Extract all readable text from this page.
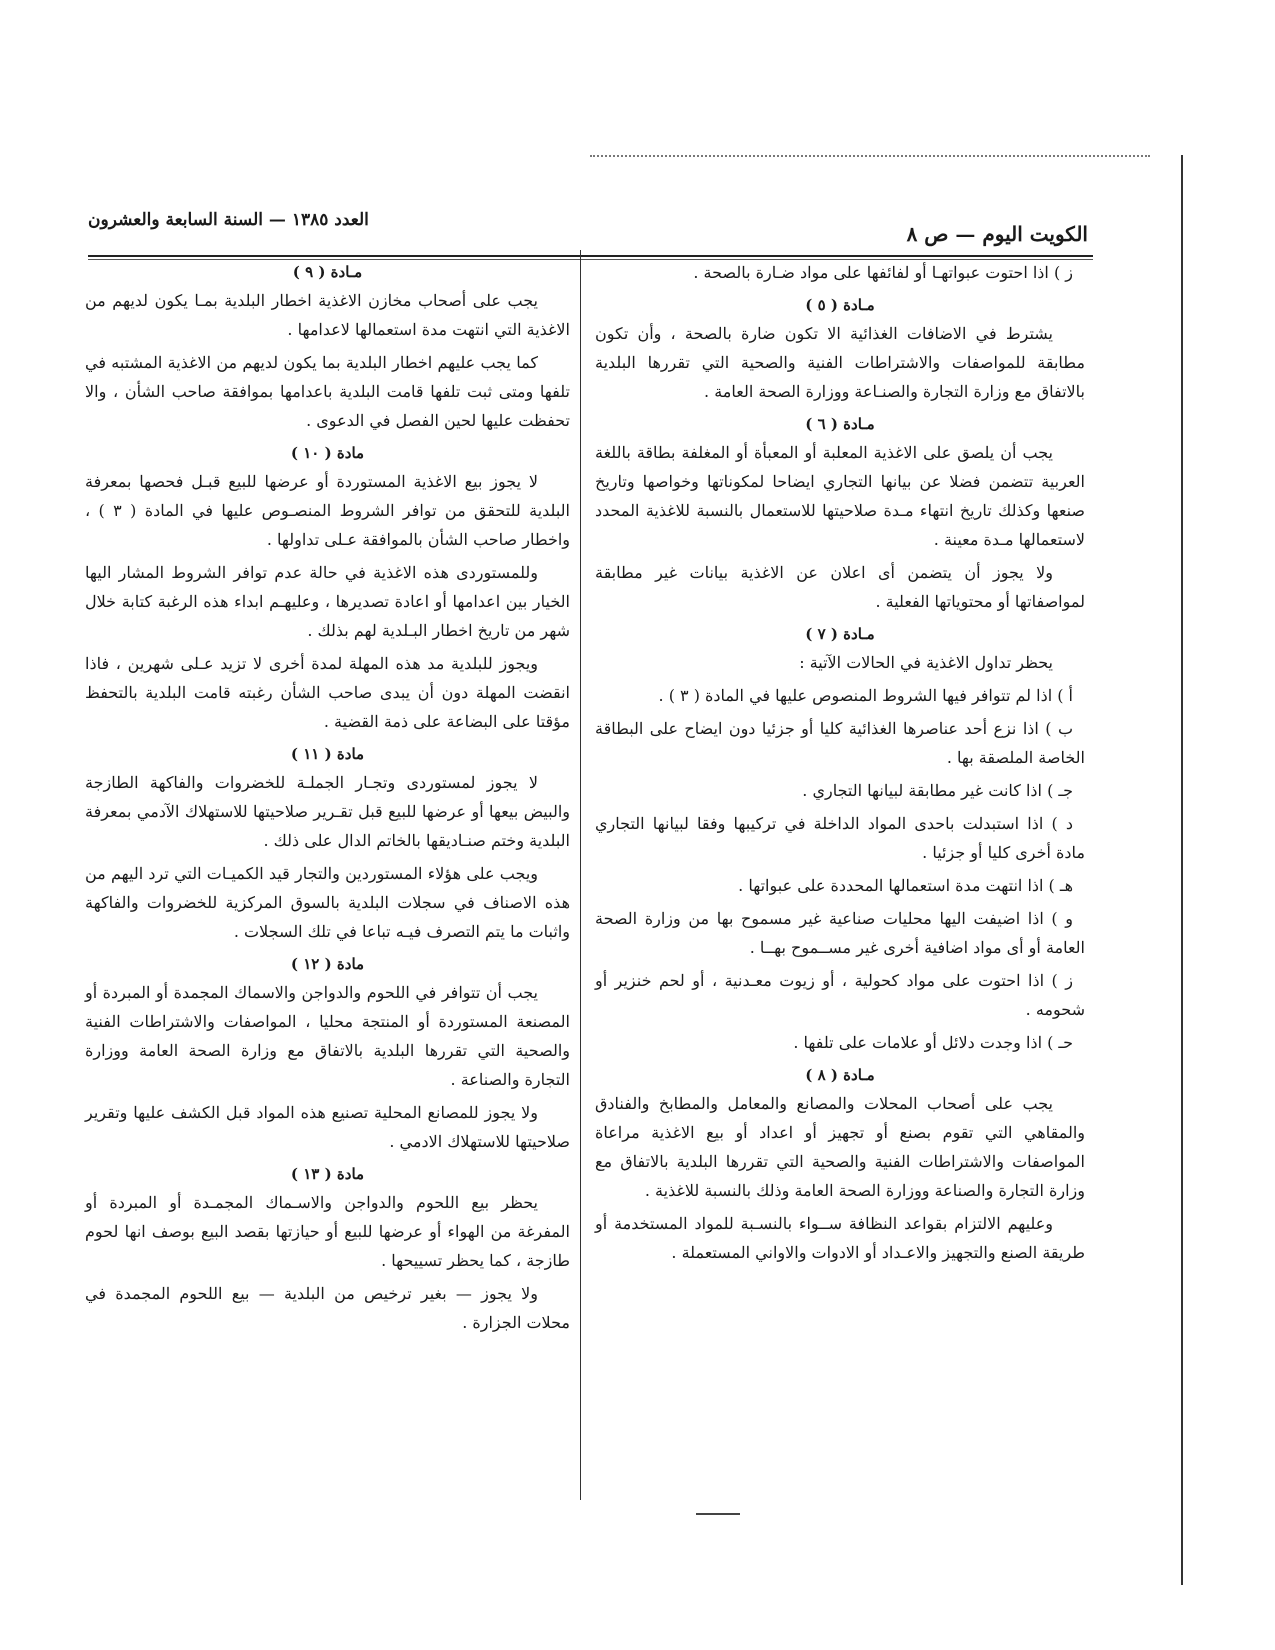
الكويت اليوم — ص ٨
العدد ١٣٨٥ — السنة السابعة والعشرون

ز ) اذا احتوت عبواتهـا أو لفائفها على مواد ضـارة بالصحة .

مـادة ( ٥ )

يشترط في الاضافات الغذائية الا تكون ضارة بالصحة ، وأن تكون مطابقة للمواصفات والاشتراطات الفنية والصحية التي تقررها البلدية بالاتفاق مع وزارة التجارة والصنـاعة ووزارة الصحة العامة .

مـادة ( ٦ )

يجب أن يلصق على الاغذية المعلبة أو المعبأة أو المغلفة بطاقة باللغة العربية تتضمن فضلا عن بيانها التجاري ايضاحا لمكوناتها وخواصها وتاريخ صنعها وكذلك تاريخ انتهاء مـدة صلاحيتها للاستعمال بالنسبة للاغذية المحدد لاستعمالها مـدة معينة .

ولا يجوز أن يتضمن أى اعلان عن الاغذية بيانات غير مطابقة لمواصفاتها أو محتوياتها الفعلية .

مـادة ( ٧ )

يحظر تداول الاغذية في الحالات الآتية :

أ ) اذا لم تتوافر فيها الشروط المنصوص عليها في المادة ( ٣ ) .

ب ) اذا نزع أحد عناصرها الغذائية كليا أو جزئيا دون ايضاح على البطاقة الخاصة الملصقة بها .

جـ ) اذا كانت غير مطابقة لبيانها التجاري .

د ) اذا استبدلت باحدى المواد الداخلة في تركيبها وفقا لبيانها التجاري مادة أخرى كليا أو جزئيا .

هـ ) اذا انتهت مدة استعمالها المحددة على عبواتها .

و ) اذا اضيفت اليها محليات صناعية غير مسموح بها من وزارة الصحة العامة أو أى مواد اضافية أخرى غير مســموح بهــا .

ز ) اذا احتوت على مواد كحولية ، أو زيوت معـدنية ، أو لحم خنزير أو شحومه .

حـ ) اذا وجدت دلائل أو علامات على تلفها .

مـادة ( ٨ )

يجب على أصحاب المحلات والمصانع والمعامل والمطابخ والفنادق والمقاهي التي تقوم بصنع أو تجهيز أو اعداد أو بيع الاغذية مراعاة المواصفات والاشتراطات الفنية والصحية التي تقررها البلدية بالاتفاق مع وزارة التجارة والصناعة ووزارة الصحة العامة وذلك بالنسبة للاغذية .

وعليهم الالتزام بقواعد النظافة ســواء بالنسـبة للمواد المستخدمة أو طريقة الصنع والتجهيز والاعـداد أو الادوات والاواني المستعملة .

مـادة ( ٩ )

يجب على أصحاب مخازن الاغذية اخطار البلدية بمـا يكون لديهم من الاغذية التي انتهت مدة استعمالها لاعدامها .

كما يجب عليهم اخطار البلدية بما يكون لديهم من الاغذية المشتبه في تلفها ومتى ثبت تلفها قامت البلدية باعدامها بموافقة صاحب الشأن ، والا تحفظت عليها لحين الفصل في الدعوى .

مادة ( ١٠ )

لا يجوز بيع الاغذية المستوردة أو عرضها للبيع قبـل فحصها بمعرفة البلدية للتحقق من توافر الشروط المنصـوص عليها في المادة ( ٣ ) ، واخطار صاحب الشأن بالموافقة عـلى تداولها .

وللمستوردى هذه الاغذية في حالة عدم توافر الشروط المشار اليها الخيار بين اعدامها أو اعادة تصديرها ، وعليهـم ابداء هذه الرغبة كتابة خلال شهر من تاريخ اخطار البـلدية لهم بذلك .

ويجوز للبلدية مد هذه المهلة لمدة أخرى لا تزيد عـلى شهرين ، فاذا انقضت المهلة دون أن يبدى صاحب الشأن رغبته قامت البلدية بالتحفظ مؤقتا على البضاعة على ذمة القضية .

مادة ( ١١ )

لا يجوز لمستوردى وتجـار الجملـة للخضروات والفاكهة الطازجة والبيض بيعها أو عرضها للبيع قبل تقـرير صلاحيتها للاستهلاك الآدمي بمعرفة البلدية وختم صنـاديقها بالخاتم الدال على ذلك .

ويجب على هؤلاء المستوردين والتجار قيد الكميـات التي ترد اليهم من هذه الاصناف في سجلات البلدية بالسوق المركزية للخضروات والفاكهة واثبات ما يتم التصرف فيـه تباعا في تلك السجلات .

مادة ( ١٢ )

يجب أن تتوافر في اللحوم والدواجن والاسماك المجمدة أو المبردة أو المصنعة المستوردة أو المنتجة محليا ، المواصفات والاشتراطات الفنية والصحية التي تقررها البلدية بالاتفاق مع وزارة الصحة العامة ووزارة التجارة والصناعة .

ولا يجوز للمصانع المحلية تصنيع هذه المواد قبل الكشف عليها وتقرير صلاحيتها للاستهلاك الادمي .

مادة ( ١٣ )

يحظر بيع اللحوم والدواجن والاسـماك المجمـدة أو المبردة أو المفرغة من الهواء أو عرضها للبيع أو حيازتها بقصد البيع بوصف انها لحوم طازجة ، كما يحظر تسييحها .

ولا يجوز — بغير ترخيص من البلدية — بيع اللحوم المجمدة في محلات الجزارة .
